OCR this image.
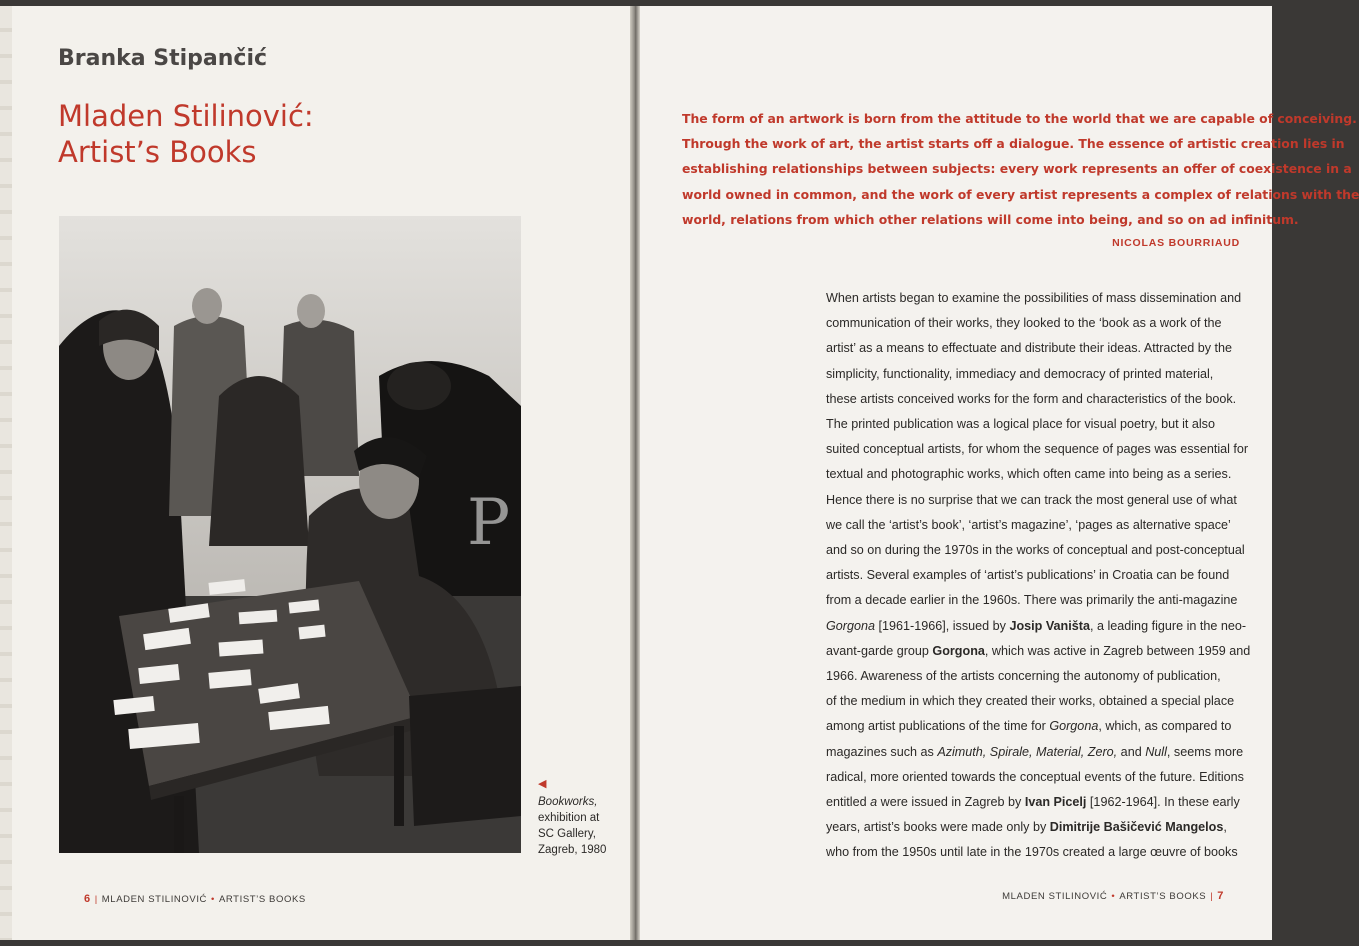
Branka Stipančić
Mladen Stilinović:
Artist’s Books
P
◀
Bookworks,
exhibition at
SC Gallery,
Zagreb, 1980
6 | MLADEN STILINOVIĆ • ARTIST’S BOOKS

The form of an artwork is born from the attitude to the world that we are capable of conceiving.
Through the work of art, the artist starts off a dialogue. The essence of artistic creation lies in
establishing relationships between subjects: every work represents an offer of coexistence in a
world owned in common, and the work of every artist represents a complex of relations with the
world, relations from which other relations will come into being, and so on ad infinitum.

NICOLAS BOURRIAUD
When artists began to examine the possibilities of mass dissemination and
communication of their works, they looked to the ‘book as a work of the
artist’ as a means to effectuate and distribute their ideas. Attracted by the
simplicity, functionality, immediacy and democracy of printed material,
these artists conceived works for the form and characteristics of the book.
The printed publication was a logical place for visual poetry, but it also
suited conceptual artists, for whom the sequence of pages was essential for
textual and photographic works, which often came into being as a series.
Hence there is no surprise that we can track the most general use of what
we call the ‘artist’s book’, ‘artist’s magazine’, ‘pages as alternative space’
and so on during the 1970s in the works of conceptual and post-conceptual
artists. Several examples of ‘artist’s publications’ in Croatia can be found
from a decade earlier in the 1960s. There was primarily the anti-magazine
Gorgona [1961-1966], issued by Josip Vaništa, a leading figure in the neo-
avant-garde group Gorgona, which was active in Zagreb between 1959 and
1966. Awareness of the artists concerning the autonomy of publication,
of the medium in which they created their works, obtained a special place
among artist publications of the time for Gorgona, which, as compared to
magazines such as Azimuth, Spirale, Material, Zero, and Null, seems more
radical, more oriented towards the conceptual events of the future. Editions
entitled a were issued in Zagreb by Ivan Picelj [1962-1964]. In these early
years, artist’s books were made only by Dimitrije Bašičević Mangelos,
who from the 1950s until late in the 1970s created a large œuvre of books
MLADEN STILINOVIĆ • ARTIST’S BOOKS | 7
